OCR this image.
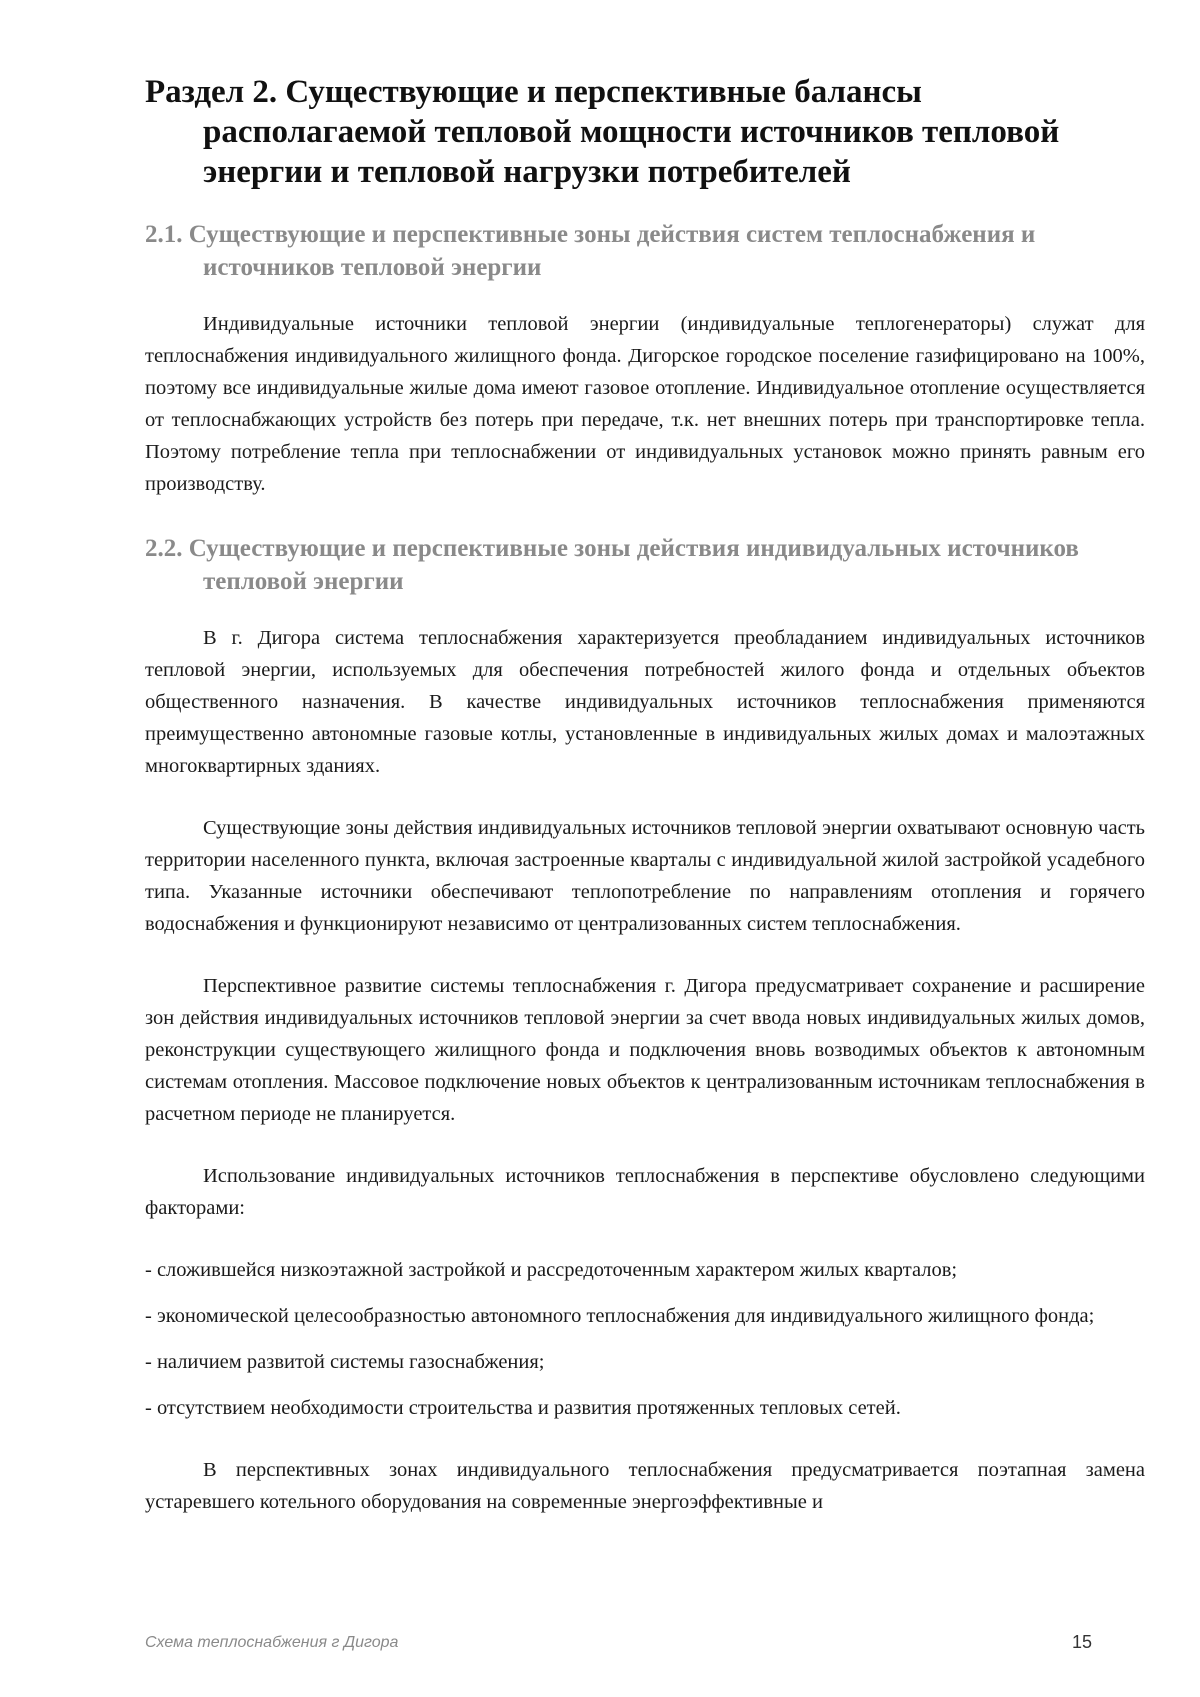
Раздел 2. Существующие и перспективные балансы располагаемой тепловой мощности источников тепловой энергии и тепловой нагрузки потребителей
2.1. Существующие и перспективные зоны действия систем теплоснабжения и источников тепловой энергии
Индивидуальные источники тепловой энергии (индивидуальные теплогенераторы) служат для теплоснабжения индивидуального жилищного фонда. Дигорское городское поселение газифицировано на 100%, поэтому все индивидуальные жилые дома имеют газовое отопление. Индивидуальное отопление осуществляется от теплоснабжающих устройств без потерь при передаче, т.к. нет внешних потерь при транспортировке тепла. Поэтому потребление тепла при теплоснабжении от индивидуальных установок можно принять равным его производству.
2.2. Существующие и перспективные зоны действия индивидуальных источников тепловой энергии
В г. Дигора система теплоснабжения характеризуется преобладанием индивидуальных источников тепловой энергии, используемых для обеспечения потребностей жилого фонда и отдельных объектов общественного назначения. В качестве индивидуальных источников теплоснабжения применяются преимущественно автономные газовые котлы, установленные в индивидуальных жилых домах и малоэтажных многоквартирных зданиях.
Существующие зоны действия индивидуальных источников тепловой энергии охватывают основную часть территории населенного пункта, включая застроенные кварталы с индивидуальной жилой застройкой усадебного типа. Указанные источники обеспечивают теплопотребление по направлениям отопления и горячего водоснабжения и функционируют независимо от централизованных систем теплоснабжения.
Перспективное развитие системы теплоснабжения г. Дигора предусматривает сохранение и расширение зон действия индивидуальных источников тепловой энергии за счет ввода новых индивидуальных жилых домов, реконструкции существующего жилищного фонда и подключения вновь возводимых объектов к автономным системам отопления. Массовое подключение новых объектов к централизованным источникам теплоснабжения в расчетном периоде не планируется.
Использование индивидуальных источников теплоснабжения в перспективе обусловлено следующими факторами:
- сложившейся низкоэтажной застройкой и рассредоточенным характером жилых кварталов;
- экономической целесообразностью автономного теплоснабжения для индивидуального жилищного фонда;
- наличием развитой системы газоснабжения;
- отсутствием необходимости строительства и развития протяженных тепловых сетей.
В перспективных зонах индивидуального теплоснабжения предусматривается поэтапная замена устаревшего котельного оборудования на современные энергоэффективные и
Схема теплоснабжения г Дигора	15
